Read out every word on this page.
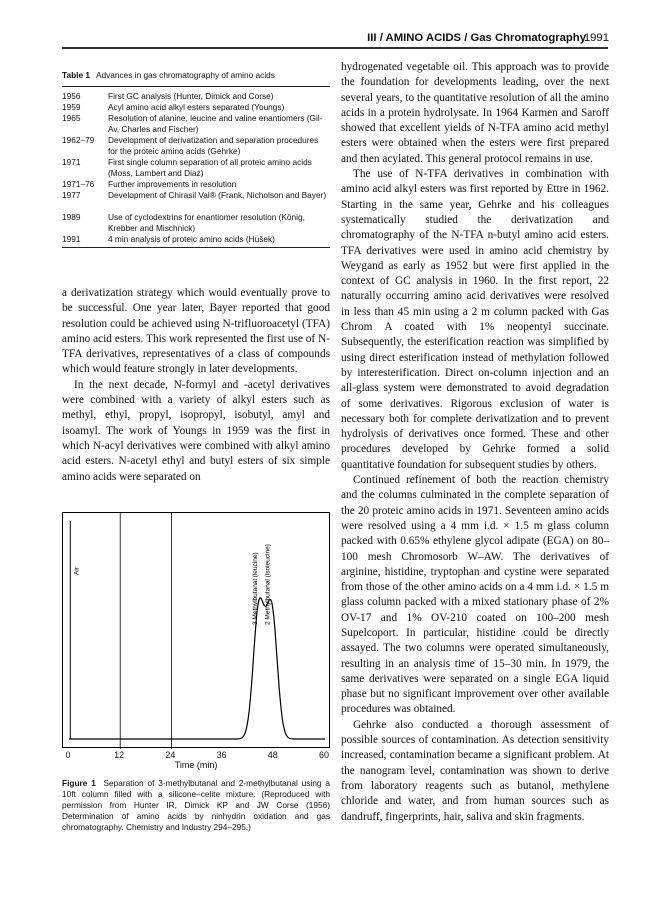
III / AMINO ACIDS / Gas Chromatography
1991
Table 1 Advances in gas chromatography of amino acids
1956	First GC analysis (Hunter, Dimick and Corse)
1959	Acyl amino acid alkyl esters separated (Youngs)
1965	Resolution of alanine, leucine and valine enantiomers (Gil-Av, Charles and Fischer)
1962–79	Development of derivatization and separation procedures for the proteic amino acids (Gehrke)
1971	First single column separation of all proteic amino acids (Moss, Lambert and Diaz)
1971–76	Further improvements in resolution
1977	Development of Chirasil Val® (Frank, Nicholson and Bayer)
1989	Use of cyclodextrins for enantiomer resolution (König, Krebber and Mischnick)
1991	4 min analysis of proteic amino acids (Hušek)

a derivatization strategy which would eventually prove to be successful. One year later, Bayer reported that good resolution could be achieved using N-trifluoroacetyl (TFA) amino acid esters. This work represented the first use of N-TFA derivatives, representatives of a class of compounds which would feature strongly in later developments.

In the next decade, N-formyl and -acetyl derivatives were combined with a variety of alkyl esters such as methyl, ethyl, propyl, isopropyl, isobutyl, amyl and isoamyl. The work of Youngs in 1959 was the first in which N-acyl derivatives were combined with alkyl amino acid esters. N-acetyl ethyl and butyl esters of six simple amino acids were separated on

Air	3 Methylbutanal (leucine) 2 Methylbutanal (isoleucine)
0	12	24	36	48	60
Time (min)
Figure 1 Separation of 3-methylbutanal and 2-methylbutanal using a 10ft column filled with a silicone–celite mixture. (Reproduced with permission from Hunter IR, Dimick KP and JW Corse (1956) Determination of amino acids by ninhydrin oxidation and gas chromatography. Chemistry and Industry 294–295.)

hydrogenated vegetable oil. This approach was to provide the foundation for developments leading, over the next several years, to the quantitative resolution of all the amino acids in a protein hydrolysate. In 1964 Karmen and Saroff showed that excellent yields of N-TFA amino acid methyl esters were obtained when the esters were first prepared and then acylated. This general protocol remains in use.

The use of N-TFA derivatives in combination with amino acid alkyl esters was first reported by Ettre in 1962. Starting in the same year, Gehrke and his colleagues systematically studied the derivatization and chromatography of the N-TFA n-butyl amino acid esters. TFA derivatives were used in amino acid chemistry by Weygand as early as 1952 but were first applied in the context of GC analysis in 1960. In the first report, 22 naturally occurring amino acid derivatives were resolved in less than 45 min using a 2 m column packed with Gas Chrom A coated with 1% neopentyl succinate. Subsequently, the esterification reaction was simplified by using direct esterification instead of methylation followed by interesterification. Direct on-column injection and an all-glass system were demonstrated to avoid degradation of some derivatives. Rigorous exclusion of water is necessary both for complete derivatization and to prevent hydrolysis of derivatives once formed. These and other procedures developed by Gehrke formed a solid quantitative foundation for subsequent studies by others.

Continued refinement of both the reaction chemistry and the columns culminated in the complete separation of the 20 proteic amino acids in 1971. Seventeen amino acids were resolved using a 4 mm i.d. × 1.5 m glass column packed with 0.65% ethylene glycol adipate (EGA) on 80–100 mesh Chromosorb W–AW. The derivatives of arginine, histidine, tryptophan and cystine were separated from those of the other amino acids on a 4 mm i.d. × 1.5 m glass column packed with a mixed stationary phase of 2% OV-17 and 1% OV-210 coated on 100–200 mesh Supelcoport. In particular, histidine could be directly assayed. The two columns were operated simultaneously, resulting in an analysis time of 15–30 min. In 1979, the same derivatives were separated on a single EGA liquid phase but no significant improvement over other available procedures was obtained.

Gehrke also conducted a thorough assessment of possible sources of contamination. As detection sensitivity increased, contamination became a significant problem. At the nanogram level, contamination was shown to derive from laboratory reagents such as butanol, methylene chloride and water, and from human sources such as dandruff, fingerprints, hair, saliva and skin fragments.
